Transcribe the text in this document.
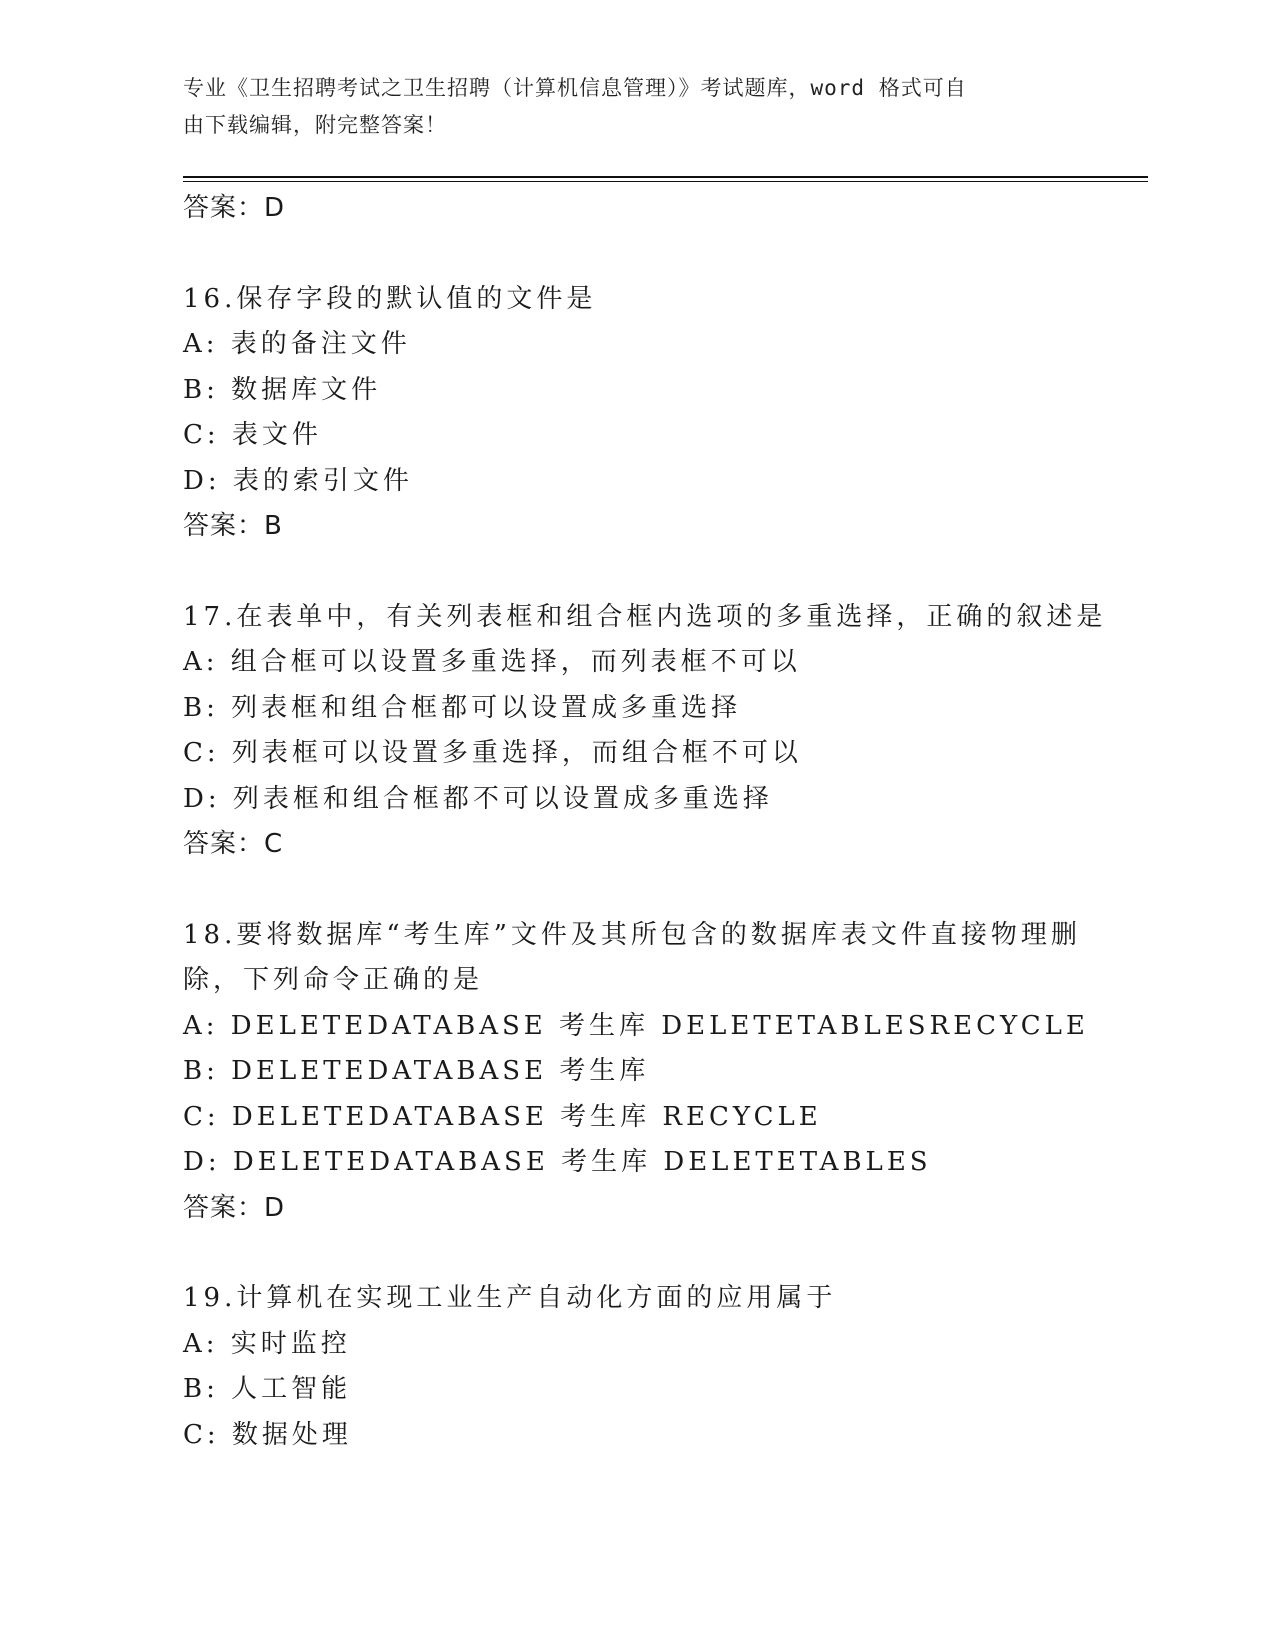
专业《卫生招聘考试之卫生招聘（计算机信息管理）》考试题库，word 格式可自
由下载编辑，附完整答案！
答案：D
16.保存字段的默认值的文件是
A: 表的备注文件
B: 数据库文件
C: 表文件
D: 表的索引文件
答案：B
17.在表单中，有关列表框和组合框内选项的多重选择，正确的叙述是
A: 组合框可以设置多重选择，而列表框不可以
B: 列表框和组合框都可以设置成多重选择
C: 列表框可以设置多重选择，而组合框不可以
D: 列表框和组合框都不可以设置成多重选择
答案：C
18.要将数据库“考生库”文件及其所包含的数据库表文件直接物理删
除，下列命令正确的是
A: DELETEDATABASE 考生库 DELETETABLESRECYCLE
B: DELETEDATABASE 考生库
C: DELETEDATABASE 考生库 RECYCLE
D: DELETEDATABASE 考生库 DELETETABLES
答案：D
19.计算机在实现工业生产自动化方面的应用属于
A: 实时监控
B: 人工智能
C: 数据处理
